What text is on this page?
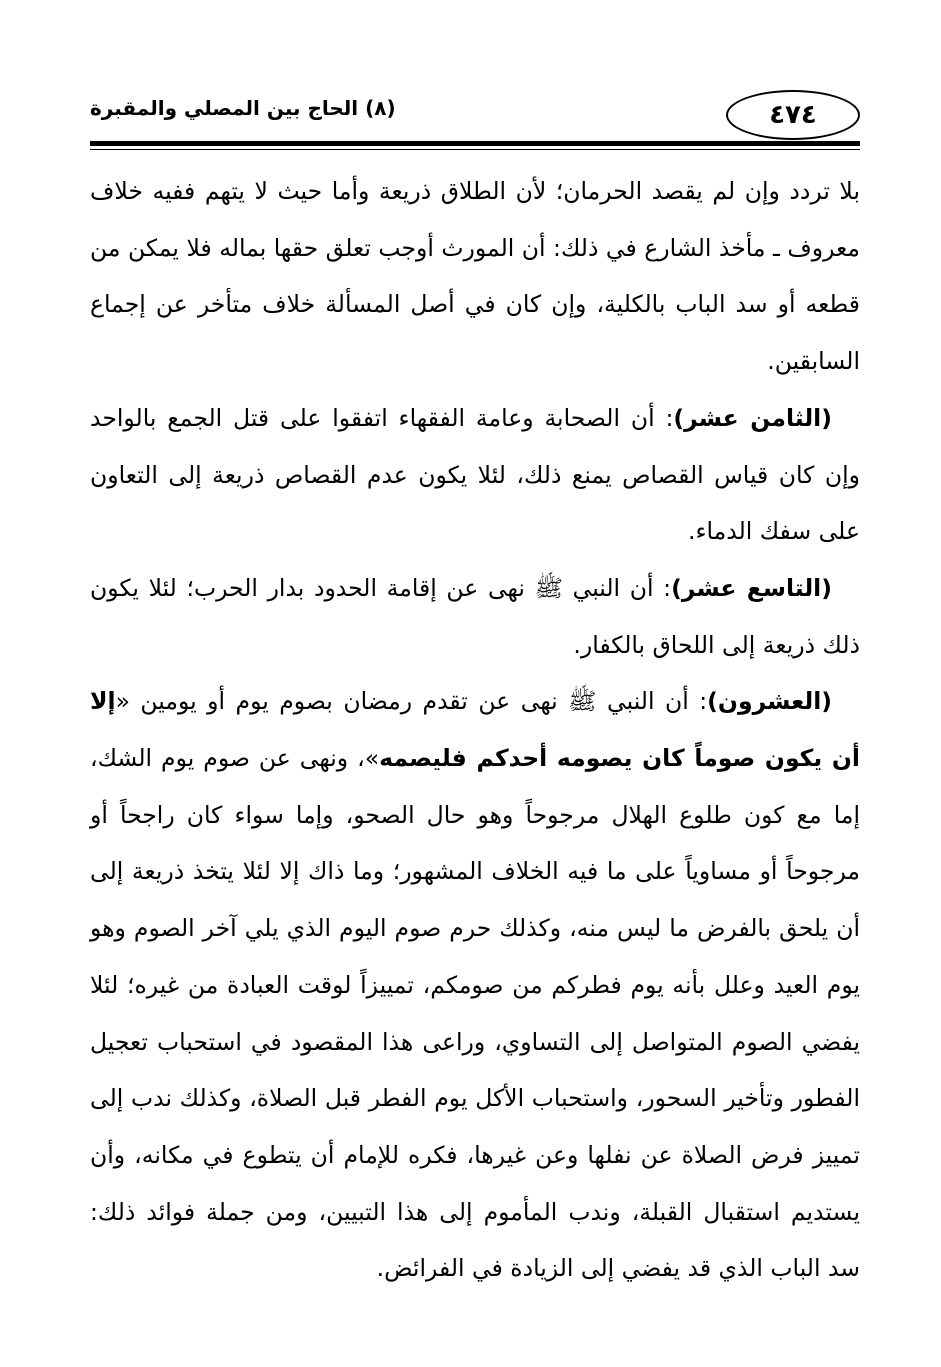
(٨) الحاج بين المصلي والمقبرة	٤٧٤

بلا تردد وإن لم يقصد الحرمان؛ لأن الطلاق ذريعة وأما حيث لا يتهم ففيه خلاف معروف ـ مأخذ الشارع في ذلك: أن المورث أوجب تعلق حقها بماله فلا يمكن من قطعه أو سد الباب بالكلية، وإن كان في أصل المسألة خلاف متأخر عن إجماع السابقين.

(الثامن عشر): أن الصحابة وعامة الفقهاء اتفقوا على قتل الجمع بالواحد وإن كان قياس القصاص يمنع ذلك، لئلا يكون عدم القصاص ذريعة إلى التعاون على سفك الدماء.

(التاسع عشر): أن النبي ﷺ نهى عن إقامة الحدود بدار الحرب؛ لئلا يكون ذلك ذريعة إلى اللحاق بالكفار.

(العشرون): أن النبي ﷺ نهى عن تقدم رمضان بصوم يوم أو يومين «إلا أن يكون صوماً كان يصومه أحدكم فليصمه»، ونهى عن صوم يوم الشك، إما مع كون طلوع الهلال مرجوحاً وهو حال الصحو، وإما سواء كان راجحاً أو مرجوحاً أو مساوياً على ما فيه الخلاف المشهور؛ وما ذاك إلا لئلا يتخذ ذريعة إلى أن يلحق بالفرض ما ليس منه، وكذلك حرم صوم اليوم الذي يلي آخر الصوم وهو يوم العيد وعلل بأنه يوم فطركم من صومكم، تمييزاً لوقت العبادة من غيره؛ لئلا يفضي الصوم المتواصل إلى التساوي، وراعى هذا المقصود في استحباب تعجيل الفطور وتأخير السحور، واستحباب الأكل يوم الفطر قبل الصلاة، وكذلك ندب إلى تمييز فرض الصلاة عن نفلها وعن غيرها، فكره للإمام أن يتطوع في مكانه، وأن يستديم استقبال القبلة، وندب المأموم إلى هذا التبيين، ومن جملة فوائد ذلك: سد الباب الذي قد يفضي إلى الزيادة في الفرائض.
